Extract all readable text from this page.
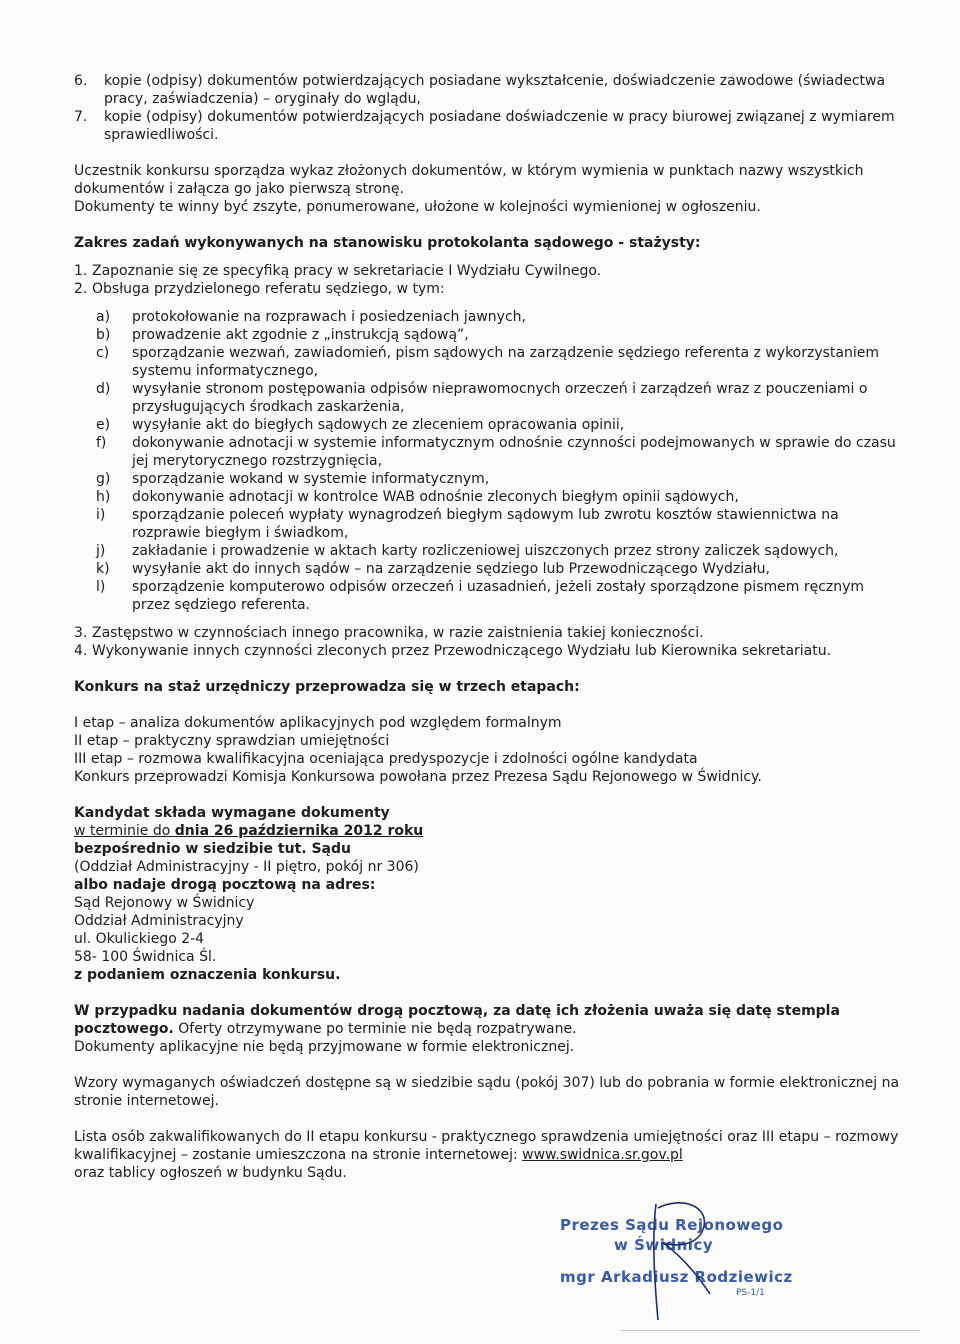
6.	kopie (odpisy) dokumentów potwierdzających posiadane wykształcenie, doświadczenie zawodowe (świadectwa pracy, zaświadczenia) – oryginały do wglądu,
7.	kopie (odpisy) dokumentów potwierdzających posiadane doświadczenie w pracy biurowej związanej z wymiarem sprawiedliwości.

Uczestnik konkursu sporządza wykaz złożonych dokumentów, w którym wymienia w punktach nazwy wszystkich dokumentów i załącza go jako pierwszą stronę.

Dokumenty te winny być zszyte, ponumerowane, ułożone w kolejności wymienionej w ogłoszeniu.

Zakres zadań wykonywanych na stanowisku protokolanta sądowego - stażysty:

1. Zapoznanie się ze specyfiką pracy w sekretariacie I Wydziału Cywilnego.
2. Obsługa przydzielonego referatu sędziego, w tym:
a)	protokołowanie na rozprawach i posiedzeniach jawnych,
b)	prowadzenie akt zgodnie z „instrukcją sądową”,
c)	sporządzanie wezwań, zawiadomień, pism sądowych na zarządzenie sędziego referenta z wykorzystaniem systemu informatycznego,
d)	wysyłanie stronom postępowania odpisów nieprawomocnych orzeczeń i zarządzeń wraz z pouczeniami o przysługujących środkach zaskarżenia,
e)	wysyłanie akt do biegłych sądowych ze zleceniem opracowania opinii,
f)	dokonywanie adnotacji w systemie informatycznym odnośnie czynności podejmowanych w sprawie do czasu jej merytorycznego rozstrzygnięcia,
g)	sporządzanie wokand w systemie informatycznym,
h)	dokonywanie adnotacji w kontrolce WAB odnośnie zleconych biegłym opinii sądowych,
i)	sporządzanie poleceń wypłaty wynagrodzeń biegłym sądowym lub zwrotu kosztów stawiennictwa na rozprawie biegłym i świadkom,
j)	zakładanie i prowadzenie w aktach karty rozliczeniowej uiszczonych przez strony zaliczek sądowych,
k)	wysyłanie akt do innych sądów – na zarządzenie sędziego lub Przewodniczącego Wydziału,
l)	sporządzenie komputerowo odpisów orzeczeń i uzasadnień, jeżeli zostały sporządzone pismem ręcznym przez sędziego referenta.
3. Zastępstwo w czynnościach innego pracownika, w razie zaistnienia takiej konieczności.
4. Wykonywanie innych czynności zleconych przez Przewodniczącego Wydziału lub Kierownika sekretariatu.

Konkurs na staż urzędniczy przeprowadza się w trzech etapach:

I etap – analiza dokumentów aplikacyjnych pod względem formalnym

II etap – praktyczny sprawdzian umiejętności

III etap – rozmowa kwalifikacyjna oceniająca predyspozycje i zdolności ogólne kandydata

Konkurs przeprowadzi Komisja Konkursowa powołana przez Prezesa Sądu Rejonowego w Świdnicy.

Kandydat składa wymagane dokumenty

w terminie do dnia 26 października 2012 roku

bezpośrednio w siedzibie tut. Sądu

(Oddział Administracyjny - II piętro, pokój nr 306)

albo nadaje drogą pocztową na adres:

Sąd Rejonowy w Świdnicy

Oddział Administracyjny

ul. Okulickiego 2-4

58- 100 Świdnica Śl.

z podaniem oznaczenia konkursu.

W przypadku nadania dokumentów drogą pocztową, za datę ich złożenia uważa się datę stempla pocztowego. Oferty otrzymywane po terminie nie będą rozpatrywane.

Dokumenty aplikacyjne nie będą przyjmowane w formie elektronicznej.

Wzory wymaganych oświadczeń dostępne są w siedzibie sądu (pokój 307) lub do pobrania w formie elektronicznej na stronie internetowej.

Lista osób zakwalifikowanych do II etapu konkursu - praktycznego sprawdzenia umiejętności oraz III etapu – rozmowy kwalifikacyjnej – zostanie umieszczona na stronie internetowej: www.swidnica.sr.gov.pl

oraz tablicy ogłoszeń w budynku Sądu.

Prezes Sądu Rejonowego
w Świdnicy
mgr Arkadiusz Rodziewicz
PS-1/1
